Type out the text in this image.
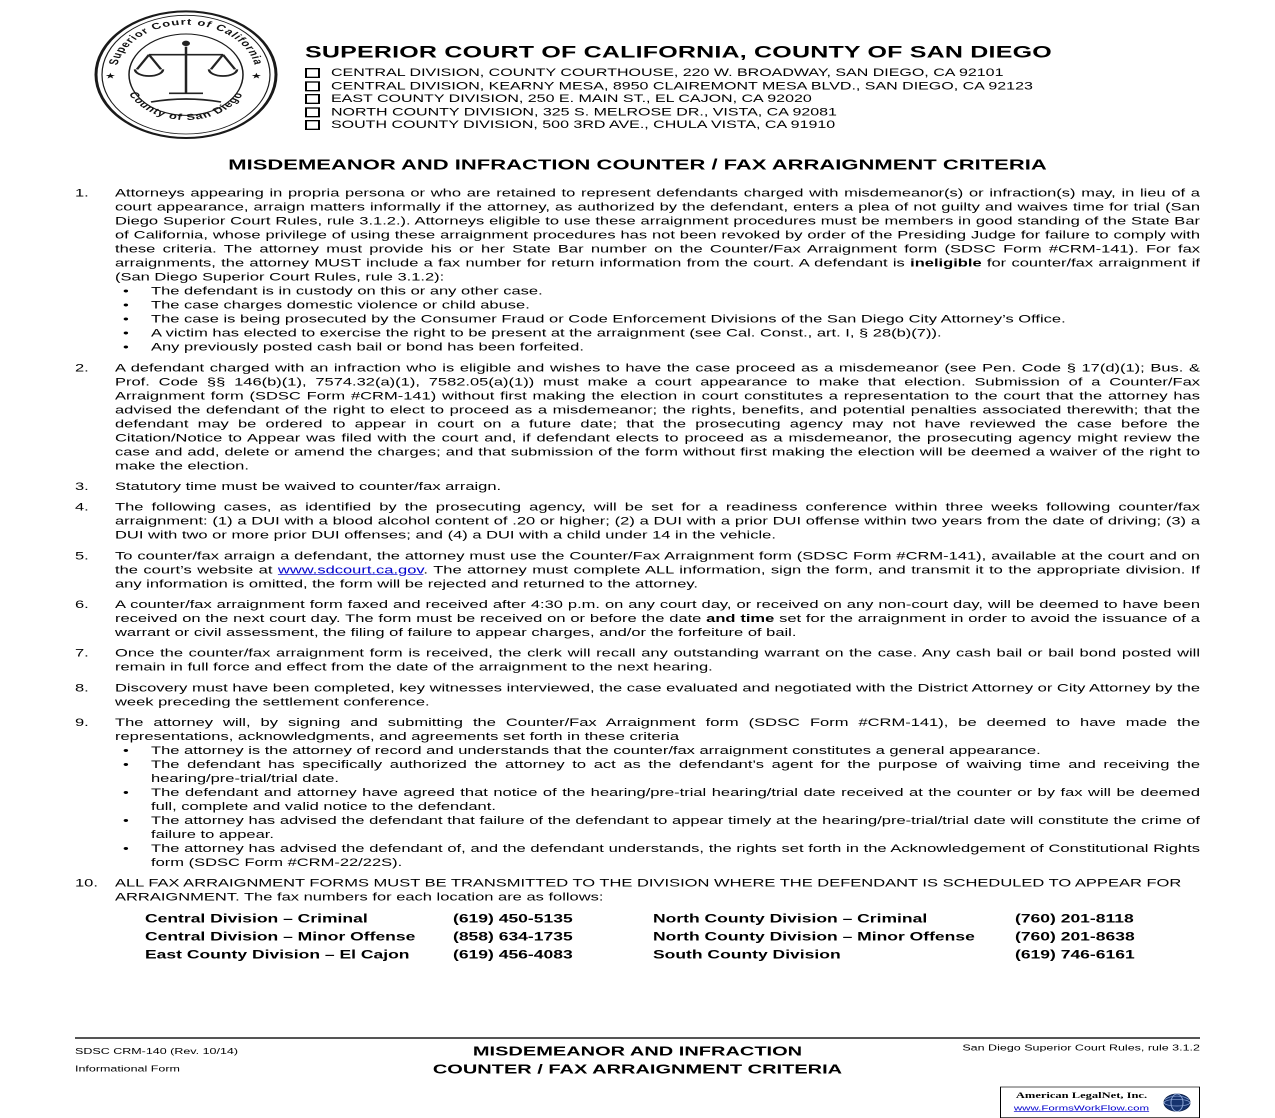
Superior Court of California
County of San Diego
★	★
SUPERIOR COURT OF CALIFORNIA, COUNTY OF SAN DIEGO
CENTRAL DIVISION, COUNTY COURTHOUSE, 220 W. BROADWAY, SAN DIEGO, CA 92101
CENTRAL DIVISION, KEARNY MESA, 8950 CLAIREMONT MESA BLVD., SAN DIEGO, CA 92123
EAST COUNTY DIVISION, 250 E. MAIN ST., EL CAJON, CA 92020
NORTH COUNTY DIVISION, 325 S. MELROSE DR., VISTA, CA 92081
SOUTH COUNTY DIVISION, 500 3RD AVE., CHULA VISTA, CA 91910
MISDEMEANOR AND INFRACTION COUNTER / FAX ARRAIGNMENT CRITERIA
1.	Attorneys appearing in propria persona or who are retained to represent defendants charged with misdemeanor(s) or infraction(s) may, in lieu of a court appearance, arraign matters informally if the attorney, as authorized by the defendant, enters a plea of not guilty and waives time for trial (San Diego Superior Court Rules, rule 3.1.2.). Attorneys eligible to use these arraignment procedures must be members in good standing of the State Bar of California, whose privilege of using these arraignment procedures has not been revoked by order of the Presiding Judge for failure to comply with these criteria. The attorney must provide his or her State Bar number on the Counter/Fax Arraignment form (SDSC Form #CRM-141). For fax arraignments, the attorney MUST include a fax number for return information from the court. A defendant is ineligible for counter/fax arraignment if (San Diego Superior Court Rules, rule 3.1.2):
•	The defendant is in custody on this or any other case.
•	The case charges domestic violence or child abuse.
•	The case is being prosecuted by the Consumer Fraud or Code Enforcement Divisions of the San Diego City Attorney’s Office.
•	A victim has elected to exercise the right to be present at the arraignment (see Cal. Const., art. I, § 28(b)(7)).
•	Any previously posted cash bail or bond has been forfeited.
2.	A defendant charged with an infraction who is eligible and wishes to have the case proceed as a misdemeanor (see Pen. Code § 17(d)(1); Bus. & Prof. Code §§ 146(b)(1), 7574.32(a)(1), 7582.05(a)(1)) must make a court appearance to make that election. Submission of a Counter/Fax Arraignment form (SDSC Form #CRM-141) without first making the election in court constitutes a representation to the court that the attorney has advised the defendant of the right to elect to proceed as a misdemeanor; the rights, benefits, and potential penalties associated therewith; that the defendant may be ordered to appear in court on a future date; that the prosecuting agency may not have reviewed the case before the Citation/Notice to Appear was filed with the court and, if defendant elects to proceed as a misdemeanor, the prosecuting agency might review the case and add, delete or amend the charges; and that submission of the form without first making the election will be deemed a waiver of the right to make the election.
3.	Statutory time must be waived to counter/fax arraign.
4.	The following cases, as identified by the prosecuting agency, will be set for a readiness conference within three weeks following counter/fax arraignment: (1) a DUI with a blood alcohol content of .20 or higher; (2) a DUI with a prior DUI offense within two years from the date of driving; (3) a DUI with two or more prior DUI offenses; and (4) a DUI with a child under 14 in the vehicle.
5.	To counter/fax arraign a defendant, the attorney must use the Counter/Fax Arraignment form (SDSC Form #CRM-141), available at the court and on the court’s website at www.sdcourt.ca.gov. The attorney must complete ALL information, sign the form, and transmit it to the appropriate division. If any information is omitted, the form will be rejected and returned to the attorney.
6.	A counter/fax arraignment form faxed and received after 4:30 p.m. on any court day, or received on any non-court day, will be deemed to have been received on the next court day. The form must be received on or before the date and time set for the arraignment in order to avoid the issuance of a warrant or civil assessment, the filing of failure to appear charges, and/or the forfeiture of bail.
7.	Once the counter/fax arraignment form is received, the clerk will recall any outstanding warrant on the case. Any cash bail or bail bond posted will remain in full force and effect from the date of the arraignment to the next hearing.
8.	Discovery must have been completed, key witnesses interviewed, the case evaluated and negotiated with the District Attorney or City Attorney by the week preceding the settlement conference.
9.	The attorney will, by signing and submitting the Counter/Fax Arraignment form (SDSC Form #CRM-141), be deemed to have made the representations, acknowledgments, and agreements set forth in these criteria
•	The attorney is the attorney of record and understands that the counter/fax arraignment constitutes a general appearance.
•	The defendant has specifically authorized the attorney to act as the defendant’s agent for the purpose of waiving time and receiving the hearing/pre-trial/trial date.
•	The defendant and attorney have agreed that notice of the hearing/pre-trial hearing/trial date received at the counter or by fax will be deemed full, complete and valid notice to the defendant.
•	The attorney has advised the defendant that failure of the defendant to appear timely at the hearing/pre-trial/trial date will constitute the crime of failure to appear.
•	The attorney has advised the defendant of, and the defendant understands, the rights set forth in the Acknowledgement of Constitutional Rights form (SDSC Form #CRM-22/22S).
10.	ALL FAX ARRAIGNMENT FORMS MUST BE TRANSMITTED TO THE DIVISION WHERE THE DEFENDANT IS SCHEDULED TO APPEAR FOR ARRAIGNMENT. The fax numbers for each location are as follows:
Central Division – Criminal	(619) 450-5135	North County Division – Criminal	(760) 201-8118
Central Division – Minor Offense	(858) 634-1735	North County Division – Minor Offense	(760) 201-8638
East County Division – El Cajon	(619) 456-4083	South County Division	(619) 746-6161
SDSC CRM-140 (Rev. 10/14)
Informational Form
MISDEMEANOR AND INFRACTION
COUNTER / FAX ARRAIGNMENT CRITERIA
San Diego Superior Court Rules, rule 3.1.2
American LegalNet, Inc.
www.FormsWorkFlow.com
